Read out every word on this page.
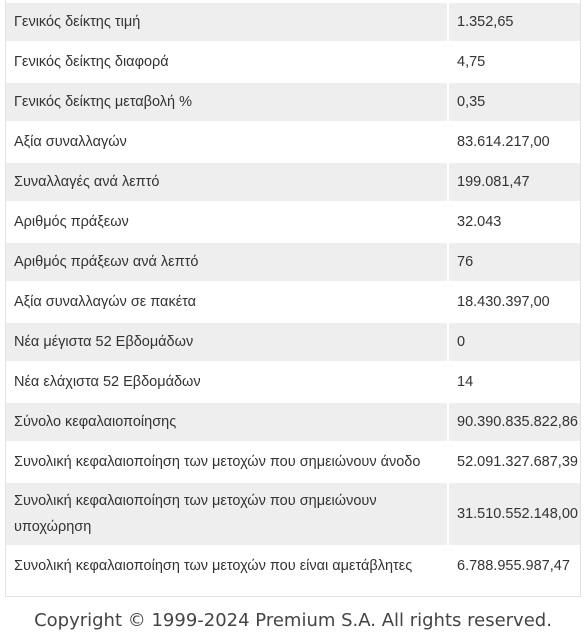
Γενικός δείκτης τιμή	1.352,65
Γενικός δείκτης διαφορά	4,75
Γενικός δείκτης μεταβολή %	0,35
Αξία συναλλαγών	83.614.217,00
Συναλλαγές ανά λεπτό	199.081,47
Αριθμός πράξεων	32.043
Αριθμός πράξεων ανά λεπτό	76
Αξία συναλλαγών σε πακέτα	18.430.397,00
Νέα μέγιστα 52 Εβδομάδων	0
Νέα ελάχιστα 52 Εβδομάδων	14
Σύνολο κεφαλαιοποίησης	90.390.835.822,86
Συνολική κεφαλαιοποίηση των μετοχών που σημειώνουν άνοδο	52.091.327.687,39
Συνολική κεφαλαιοποίηση των μετοχών που σημειώνουν υποχώρηση	31.510.552.148,00
Συνολική κεφαλαιοποίηση των μετοχών που είναι αμετάβλητες	6.788.955.987,47
Copyright © 1999-2024 Premium S.A. All rights reserved.
